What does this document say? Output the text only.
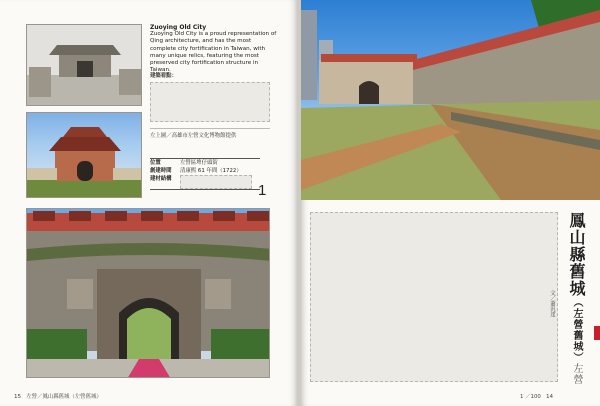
Zuoying Old City
Zuoying Old City is a proud representation of Qing architecture, and has the most complete city fortification in Taiwan, with many unique relics, featuring the most preserved city fortification structure in Taiwan.
建築看點：
左上圖／高雄市左營文化博物館提供
位置	左營區埤仔頭街
創建時間	清康熙 61 年間（1722）
建材結構
1
15 左營／鳳山縣舊城（左營舊城）
文／蕭汎達
鳳山縣舊城（左營舊城）左營
1 ／100 14
